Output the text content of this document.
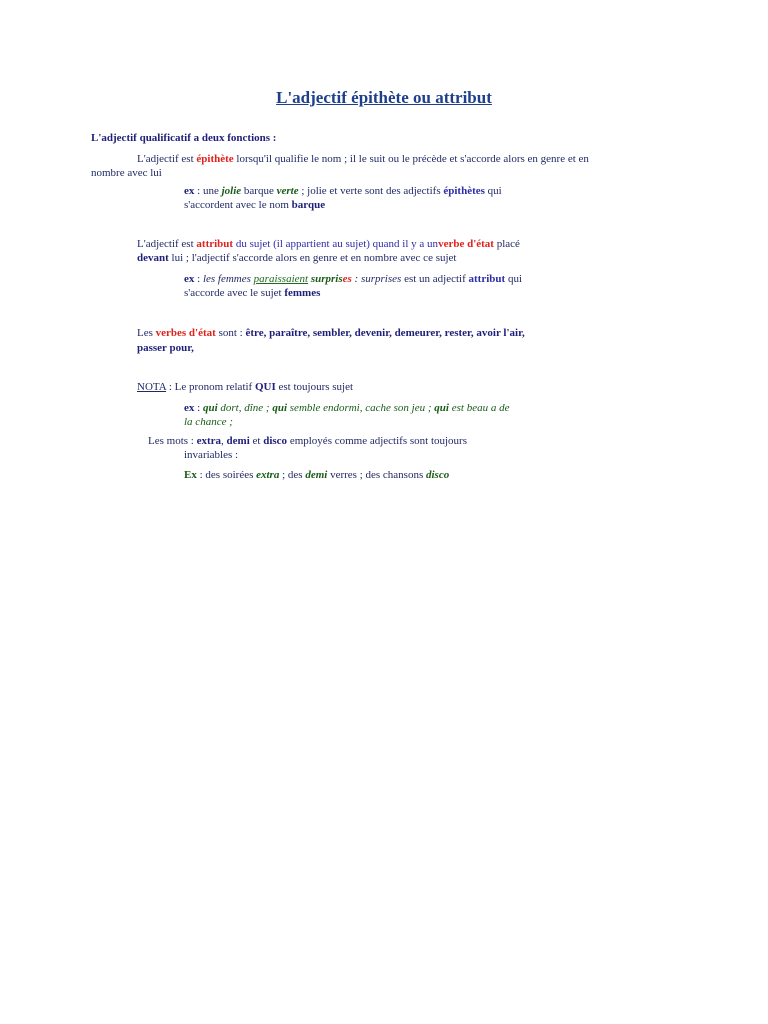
L'adjectif épithète ou attribut
L'adjectif qualificatif a deux fonctions :
L'adjectif est épithète lorsqu'il qualifie le nom ; il le suit ou le précède et s'accorde alors en genre et en
nombre avec lui
ex : une jolie barque verte ; jolie et verte sont des adjectifs épithètes qui
s'accordent avec le nom barque
L'adjectif est attribut du sujet (il appartient au sujet) quand il y a unverbe d'état placé
devant lui ; l'adjectif s'accorde alors en genre et en nombre avec ce sujet
ex : les femmes paraissaient surprises : surprises est un adjectif attribut qui
s'accorde avec le sujet femmes
Les verbes d'état sont : être, paraître, sembler, devenir, demeurer, rester, avoir l'air,
passer pour,
NOTA : Le pronom relatif QUI est toujours sujet
ex : qui dort, dîne ; qui semble endormi, cache son jeu ; qui est beau a de
la chance ;
Les mots : extra, demi et disco employés comme adjectifs sont toujours
invariables :
Ex : des soirées extra ; des demi verres ; des chansons disco
